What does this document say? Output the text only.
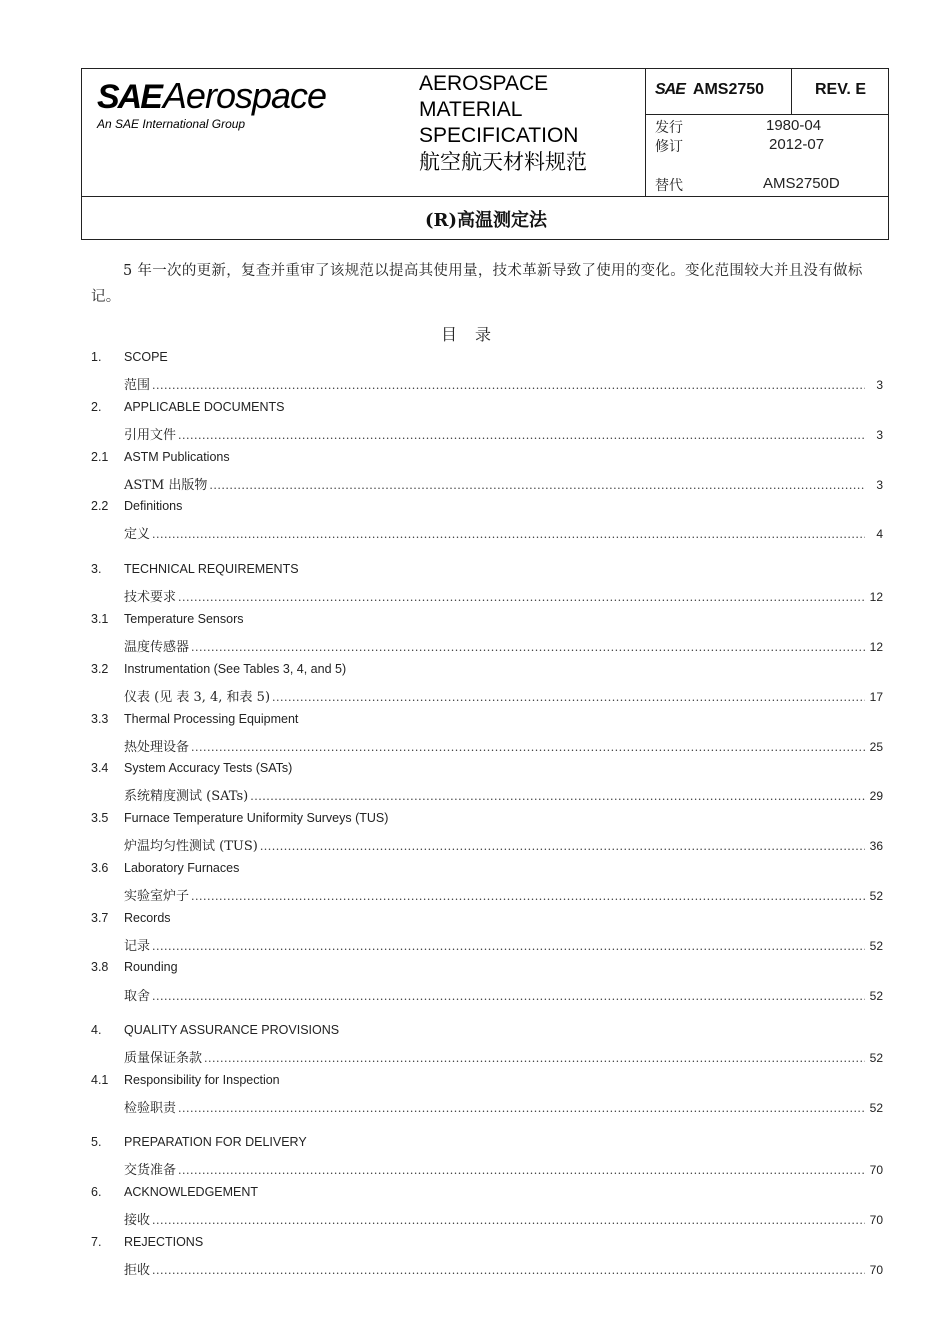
SAEAerospace
An SAE International Group
AEROSPACE
MATERIAL
SPECIFICATION
航空航天材料规范
SAE AMS2750	REV. E
发行	1980-04
修订	2012-07
替代	AMS2750D
(R)高温测定法
5 年一次的更新，复查并重审了该规范以提高其使用量，技术革新导致了使用的变化。变化范围较大并且没有做标记。
目录
1. SCOPE
范围 .....	3
2. APPLICABLE DOCUMENTS
引用文件 .....	3
2.1 ASTM Publications
ASTM 出版物 .....	3
2.2 Definitions
定义 .....	4
3. TECHNICAL REQUIREMENTS
技术要求 .....	12
3.1 Temperature Sensors
温度传感器 .....	12
3.2 Instrumentation (See Tables 3, 4, and 5)
仪表 (见 表 3, 4, 和表 5) .....	17
3.3 Thermal Processing Equipment
热处理设备 .....	25
3.4 System Accuracy Tests (SATs)
系统精度测试 (SATs) .....	29
3.5 Furnace Temperature Uniformity Surveys (TUS)
炉温均匀性测试 (TUS) .....	36
3.6 Laboratory Furnaces
实验室炉子 .....	52
3.7 Records
记录 .....	52
3.8 Rounding
取舍 .....	52
4. QUALITY ASSURANCE PROVISIONS
质量保证条款 .....	52
4.1 Responsibility for Inspection
检验职责 .....	52
5. PREPARATION FOR DELIVERY
交货准备 .....	70
6. ACKNOWLEDGEMENT
接收 .....	70
7. REJECTIONS
拒收 .....	70
